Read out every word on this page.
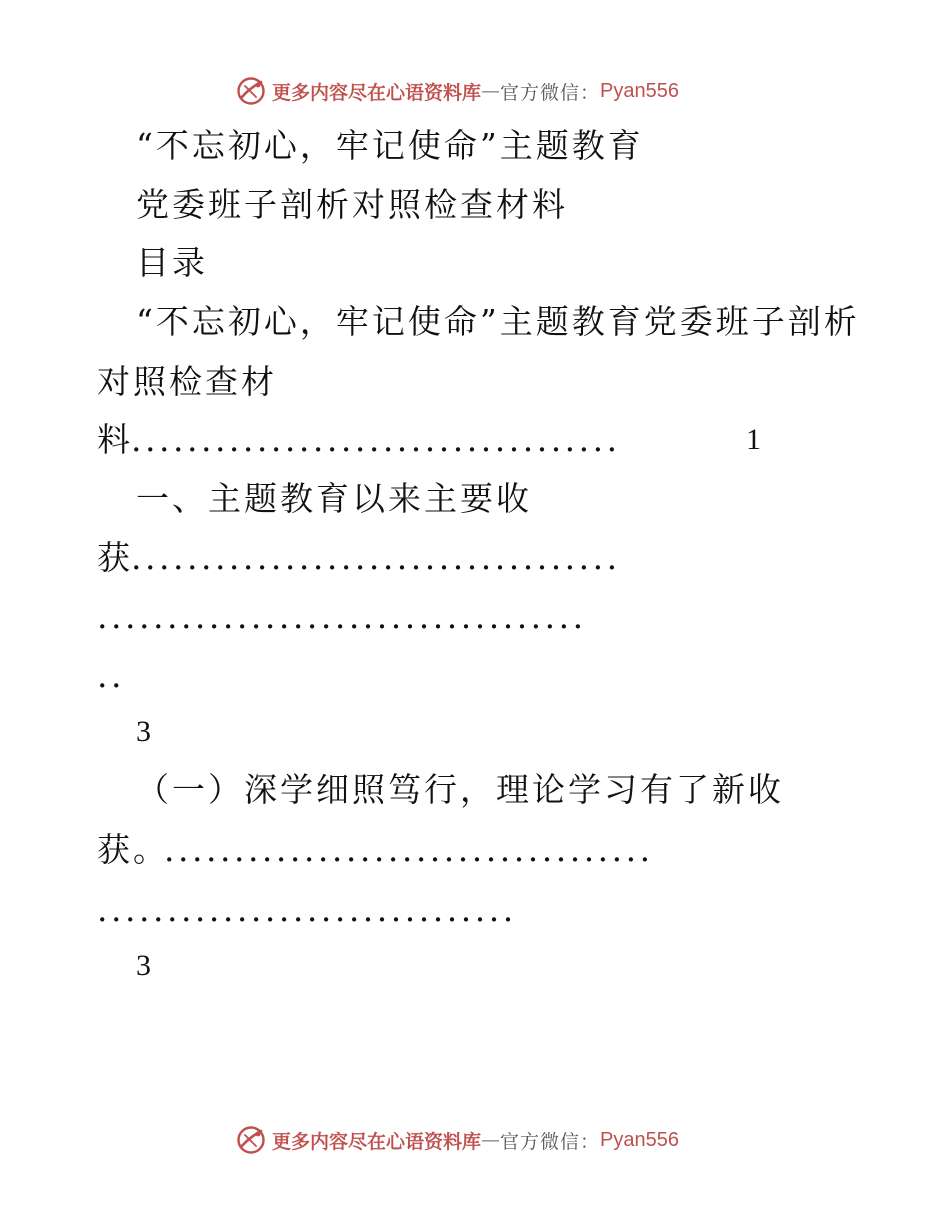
更多内容尽在心语资料库 — 官方微信： Pyan556
“不忘初心，牢记使命”主题教育
党委班子剖析对照检查材料
目录
“不忘初心，牢记使命”主题教育党委班子剖析
对照检查材
料
...................................	1
一、主题教育以来主要收
获
...................................
...................................
..
3
（一）深学细照笃行，理论学习有了新收
获。
...................................
..............................
3
更多内容尽在心语资料库 — 官方微信： Pyan556
